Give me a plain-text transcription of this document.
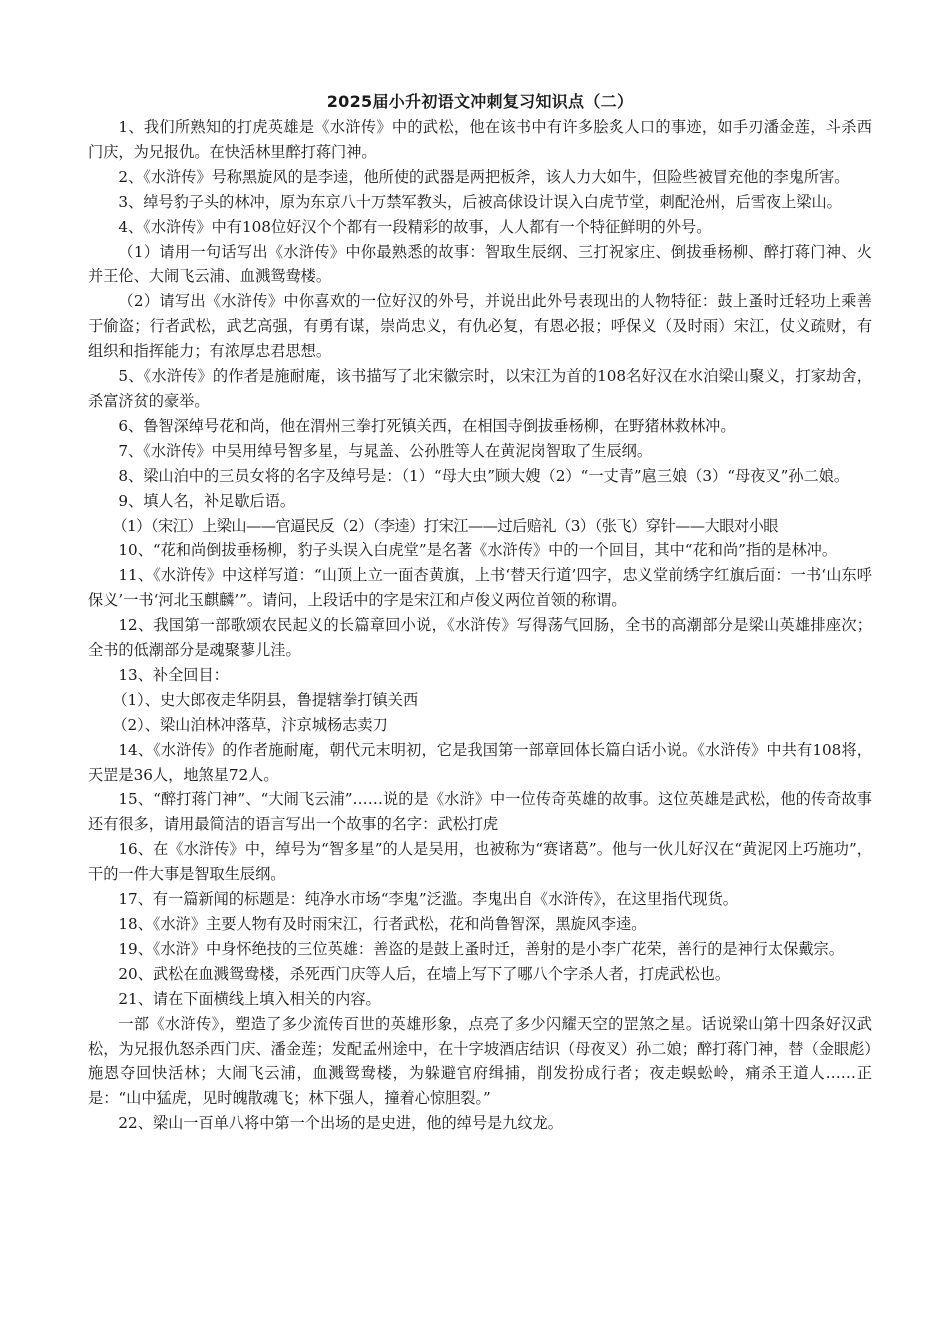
2025届小升初语文冲刺复习知识点（二）

1、我们所熟知的打虎英雄是《水浒传》中的武松，他在该书中有许多脍炙人口的事迹，如手刃潘金莲，斗杀西门庆，为兄报仇。在快活林里醉打蒋门神。

2、《水浒传》号称黑旋风的是李逵，他所使的武器是两把板斧，该人力大如牛，但险些被冒充他的李鬼所害。

3、绰号豹子头的林冲，原为东京八十万禁军教头，后被高俅设计误入白虎节堂，刺配沧州，后雪夜上梁山。

4、《水浒传》中有108位好汉个个都有一段精彩的故事，人人都有一个特征鲜明的外号。

（1）请用一句话写出《水浒传》中你最熟悉的故事：智取生辰纲、三打祝家庄、倒拔垂杨柳、醉打蒋门神、火并王伦、大闹飞云浦、血溅鸳鸯楼。

（2）请写出《水浒传》中你喜欢的一位好汉的外号，并说出此外号表现出的人物特征：鼓上蚤时迁轻功上乘善于偷盗；行者武松，武艺高强，有勇有谋，崇尚忠义，有仇必复，有恩必报；呼保义（及时雨）宋江，仗义疏财，有组织和指挥能力；有浓厚忠君思想。

5、《水浒传》的作者是施耐庵，该书描写了北宋徽宗时，以宋江为首的108名好汉在水泊梁山聚义，打家劫舍，杀富济贫的豪举。

6、鲁智深绰号花和尚，他在渭州三拳打死镇关西，在相国寺倒拔垂杨柳，在野猪林救林冲。

7、《水浒传》中吴用绰号智多星，与晁盖、公孙胜等人在黄泥岗智取了生辰纲。

8、梁山泊中的三员女将的名字及绰号是：（1）“母大虫”顾大嫂（2）“一丈青”扈三娘（3）“母夜叉”孙二娘。

9、填人名，补足歇后语。

（1）（宋江）上梁山——官逼民反（2）（李逵）打宋江——过后赔礼（3）（张飞）穿针——大眼对小眼

10、“花和尚倒拔垂杨柳，豹子头误入白虎堂”是名著《水浒传》中的一个回目，其中“花和尚”指的是林冲。

11、《水浒传》中这样写道：“山顶上立一面杏黄旗，上书‘替天行道’四字，忠义堂前绣字红旗后面：一书‘山东呼保义’一书‘河北玉麒麟’”。请问，上段话中的字是宋江和卢俊义两位首领的称谓。

12、我国第一部歌颂农民起义的长篇章回小说，《水浒传》写得荡气回肠，全书的高潮部分是梁山英雄排座次；全书的低潮部分是魂聚蓼儿洼。

13、补全回目：

（1）、史大郎夜走华阴县，鲁提辖拳打镇关西

（2）、梁山泊林冲落草，汴京城杨志卖刀

14、《水浒传》的作者施耐庵，朝代元末明初，它是我国第一部章回体长篇白话小说。《水浒传》中共有108将，天罡是36人，地煞星72人。

15、“醉打蒋门神”、“大闹飞云浦”……说的是《水浒》中一位传奇英雄的故事。这位英雄是武松，他的传奇故事还有很多，请用最简洁的语言写出一个故事的名字：武松打虎

16、在《水浒传》中，绰号为“智多星”的人是吴用，也被称为“赛诸葛”。他与一伙儿好汉在“黄泥冈上巧施功”，干的一件大事是智取生辰纲。

17、有一篇新闻的标题是：纯净水市场“李鬼”泛滥。李鬼出自《水浒传》，在这里指代现货。

18、《水浒》主要人物有及时雨宋江，行者武松，花和尚鲁智深，黑旋风李逵。

19、《水浒》中身怀绝技的三位英雄：善盗的是鼓上蚤时迁，善射的是小李广花荣，善行的是神行太保戴宗。

20、武松在血溅鸳鸯楼，杀死西门庆等人后，在墙上写下了哪八个字杀人者，打虎武松也。

21、请在下面横线上填入相关的内容。

一部《水浒传》，塑造了多少流传百世的英雄形象，点亮了多少闪耀天空的罡煞之星。话说梁山第十四条好汉武松，为兄报仇怒杀西门庆、潘金莲；发配孟州途中，在十字坡酒店结识（母夜叉）孙二娘；醉打蒋门神，替（金眼彪）施恩夺回快活林；大闹飞云浦，血溅鸳鸯楼，为躲避官府缉捕，削发扮成行者；夜走蜈蚣岭，痛杀王道人……正是：“山中猛虎，见时魄散魂飞；林下强人，撞着心惊胆裂。”

22、梁山一百单八将中第一个出场的是史进，他的绰号是九纹龙。
